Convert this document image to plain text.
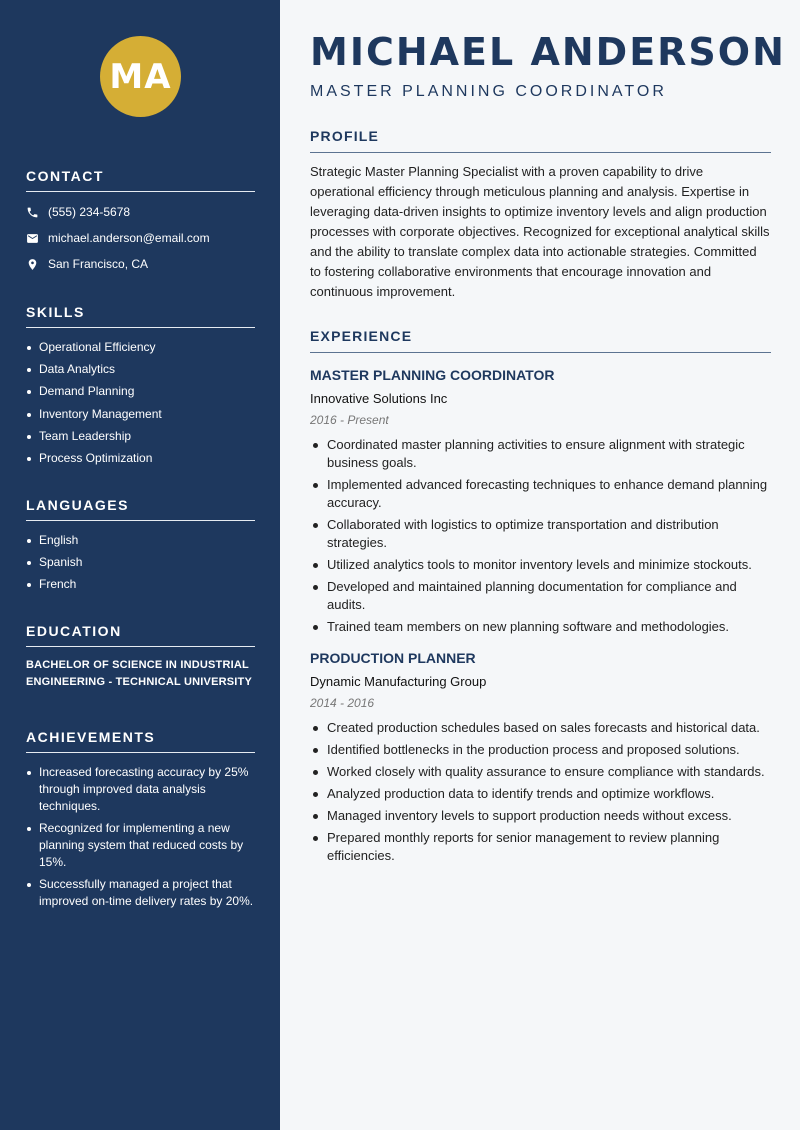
MA
CONTACT
(555) 234-5678
michael.anderson@email.com
San Francisco, CA
SKILLS
Operational Efficiency
Data Analytics
Demand Planning
Inventory Management
Team Leadership
Process Optimization
LANGUAGES
English
Spanish
French
EDUCATION

BACHELOR OF SCIENCE IN INDUSTRIAL ENGINEERING - TECHNICAL UNIVERSITY

ACHIEVEMENTS
Increased forecasting accuracy by 25% through improved data analysis techniques.
Recognized for implementing a new planning system that reduced costs by 15%.
Successfully managed a project that improved on-time delivery rates by 20%.
MICHAEL ANDERSON
MASTER PLANNING COORDINATOR
PROFILE

Strategic Master Planning Specialist with a proven capability to drive operational efficiency through meticulous planning and analysis. Expertise in leveraging data-driven insights to optimize inventory levels and align production processes with corporate objectives. Recognized for exceptional analytical skills and the ability to translate complex data into actionable strategies. Committed to fostering collaborative environments that encourage innovation and continuous improvement.

EXPERIENCE
MASTER PLANNING COORDINATOR
Innovative Solutions Inc
2016 - Present
Coordinated master planning activities to ensure alignment with strategic business goals.
Implemented advanced forecasting techniques to enhance demand planning accuracy.
Collaborated with logistics to optimize transportation and distribution strategies.
Utilized analytics tools to monitor inventory levels and minimize stockouts.
Developed and maintained planning documentation for compliance and audits.
Trained team members on new planning software and methodologies.
PRODUCTION PLANNER
Dynamic Manufacturing Group
2014 - 2016
Created production schedules based on sales forecasts and historical data.
Identified bottlenecks in the production process and proposed solutions.
Worked closely with quality assurance to ensure compliance with standards.
Analyzed production data to identify trends and optimize workflows.
Managed inventory levels to support production needs without excess.
Prepared monthly reports for senior management to review planning efficiencies.
